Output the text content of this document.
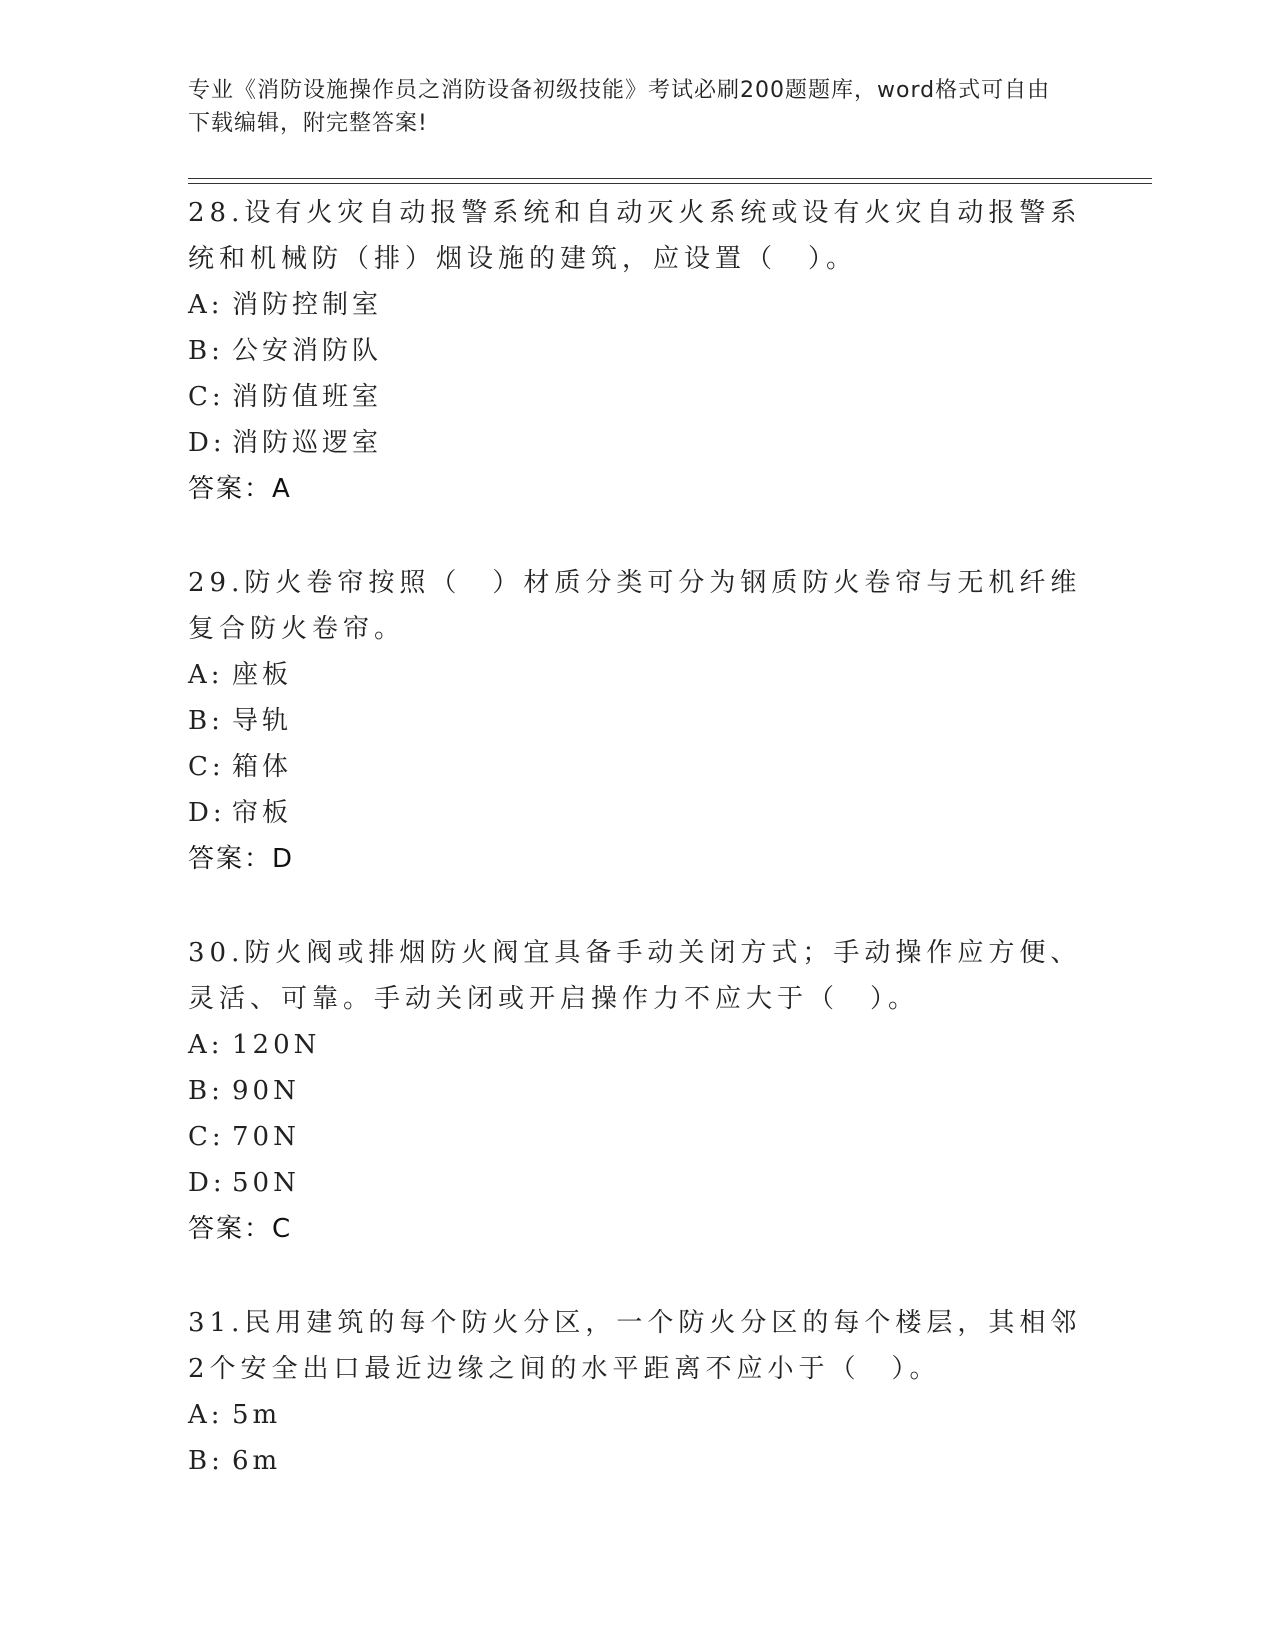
专业《消防设施操作员之消防设备初级技能》考试必刷200题题库，word格式可自由下载编辑，附完整答案!
28.设有火灾自动报警系统和自动灭火系统或设有火灾自动报警系统和机械防（排）烟设施的建筑，应设置（　）。
A: 消防控制室
B: 公安消防队
C: 消防值班室
D: 消防巡逻室
答案：A
29.防火卷帘按照（　）材质分类可分为钢质防火卷帘与无机纤维复合防火卷帘。
A: 座板
B: 导轨
C: 箱体
D: 帘板
答案：D
30.防火阀或排烟防火阀宜具备手动关闭方式；手动操作应方便、灵活、可靠。手动关闭或开启操作力不应大于（　）。
A: 120N
B: 90N
C: 70N
D: 50N
答案：C
31.民用建筑的每个防火分区，一个防火分区的每个楼层，其相邻2个安全出口最近边缘之间的水平距离不应小于（　）。
A: 5m
B: 6m
